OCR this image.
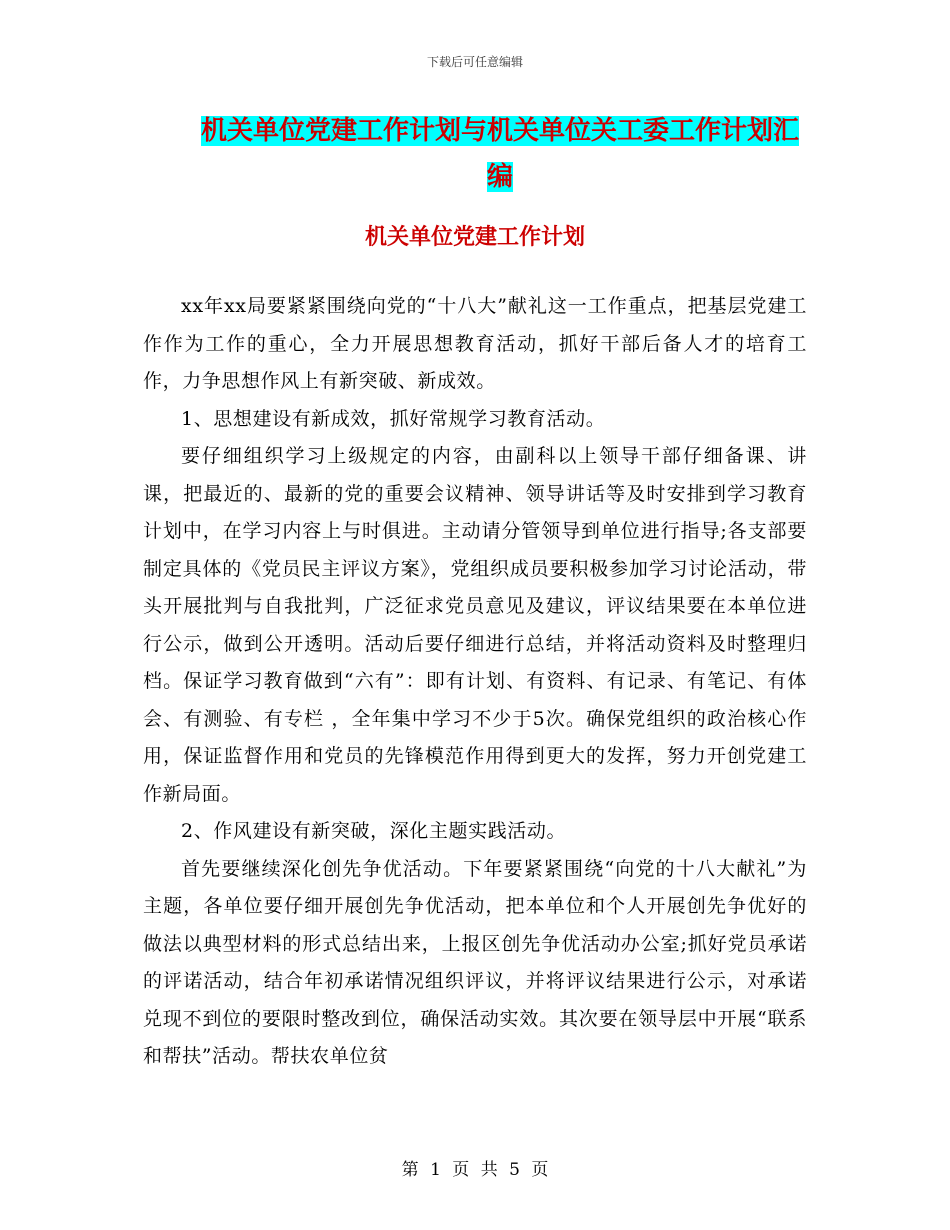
下载后可任意编辑
机关单位党建工作计划与机关单位关工委工作计划汇编
机关单位党建工作计划

xx年xx局要紧紧围绕向党的“十八大”献礼这一工作重点，把基层党建工作作为工作的重心，全力开展思想教育活动，抓好干部后备人才的培育工作，力争思想作风上有新突破、新成效。

1、思想建设有新成效，抓好常规学习教育活动。

要仔细组织学习上级规定的内容，由副科以上领导干部仔细备课、讲课，把最近的、最新的党的重要会议精神、领导讲话等及时安排到学习教育计划中，在学习内容上与时俱进。主动请分管领导到单位进行指导;各支部要制定具体的《党员民主评议方案》，党组织成员要积极参加学习讨论活动，带头开展批判与自我批判，广泛征求党员意见及建议，评议结果要在本单位进行公示，做到公开透明。活动后要仔细进行总结，并将活动资料及时整理归档。保证学习教育做到“六有”：即有计划、有资料、有记录、有笔记、有体会、有测验、有专栏 ，全年集中学习不少于5次。确保党组织的政治核心作用，保证监督作用和党员的先锋模范作用得到更大的发挥，努力开创党建工作新局面。

2、作风建设有新突破，深化主题实践活动。

首先要继续深化创先争优活动。下年要紧紧围绕“向党的十八大献礼”为主题，各单位要仔细开展创先争优活动，把本单位和个人开展创先争优好的做法以典型材料的形式总结出来，上报区创先争优活动办公室;抓好党员承诺的评诺活动，结合年初承诺情况组织评议，并将评议结果进行公示，对承诺兑现不到位的要限时整改到位，确保活动实效。其次要在领导层中开展“联系和帮扶”活动。帮扶农单位贫

第 1 页 共 5 页
